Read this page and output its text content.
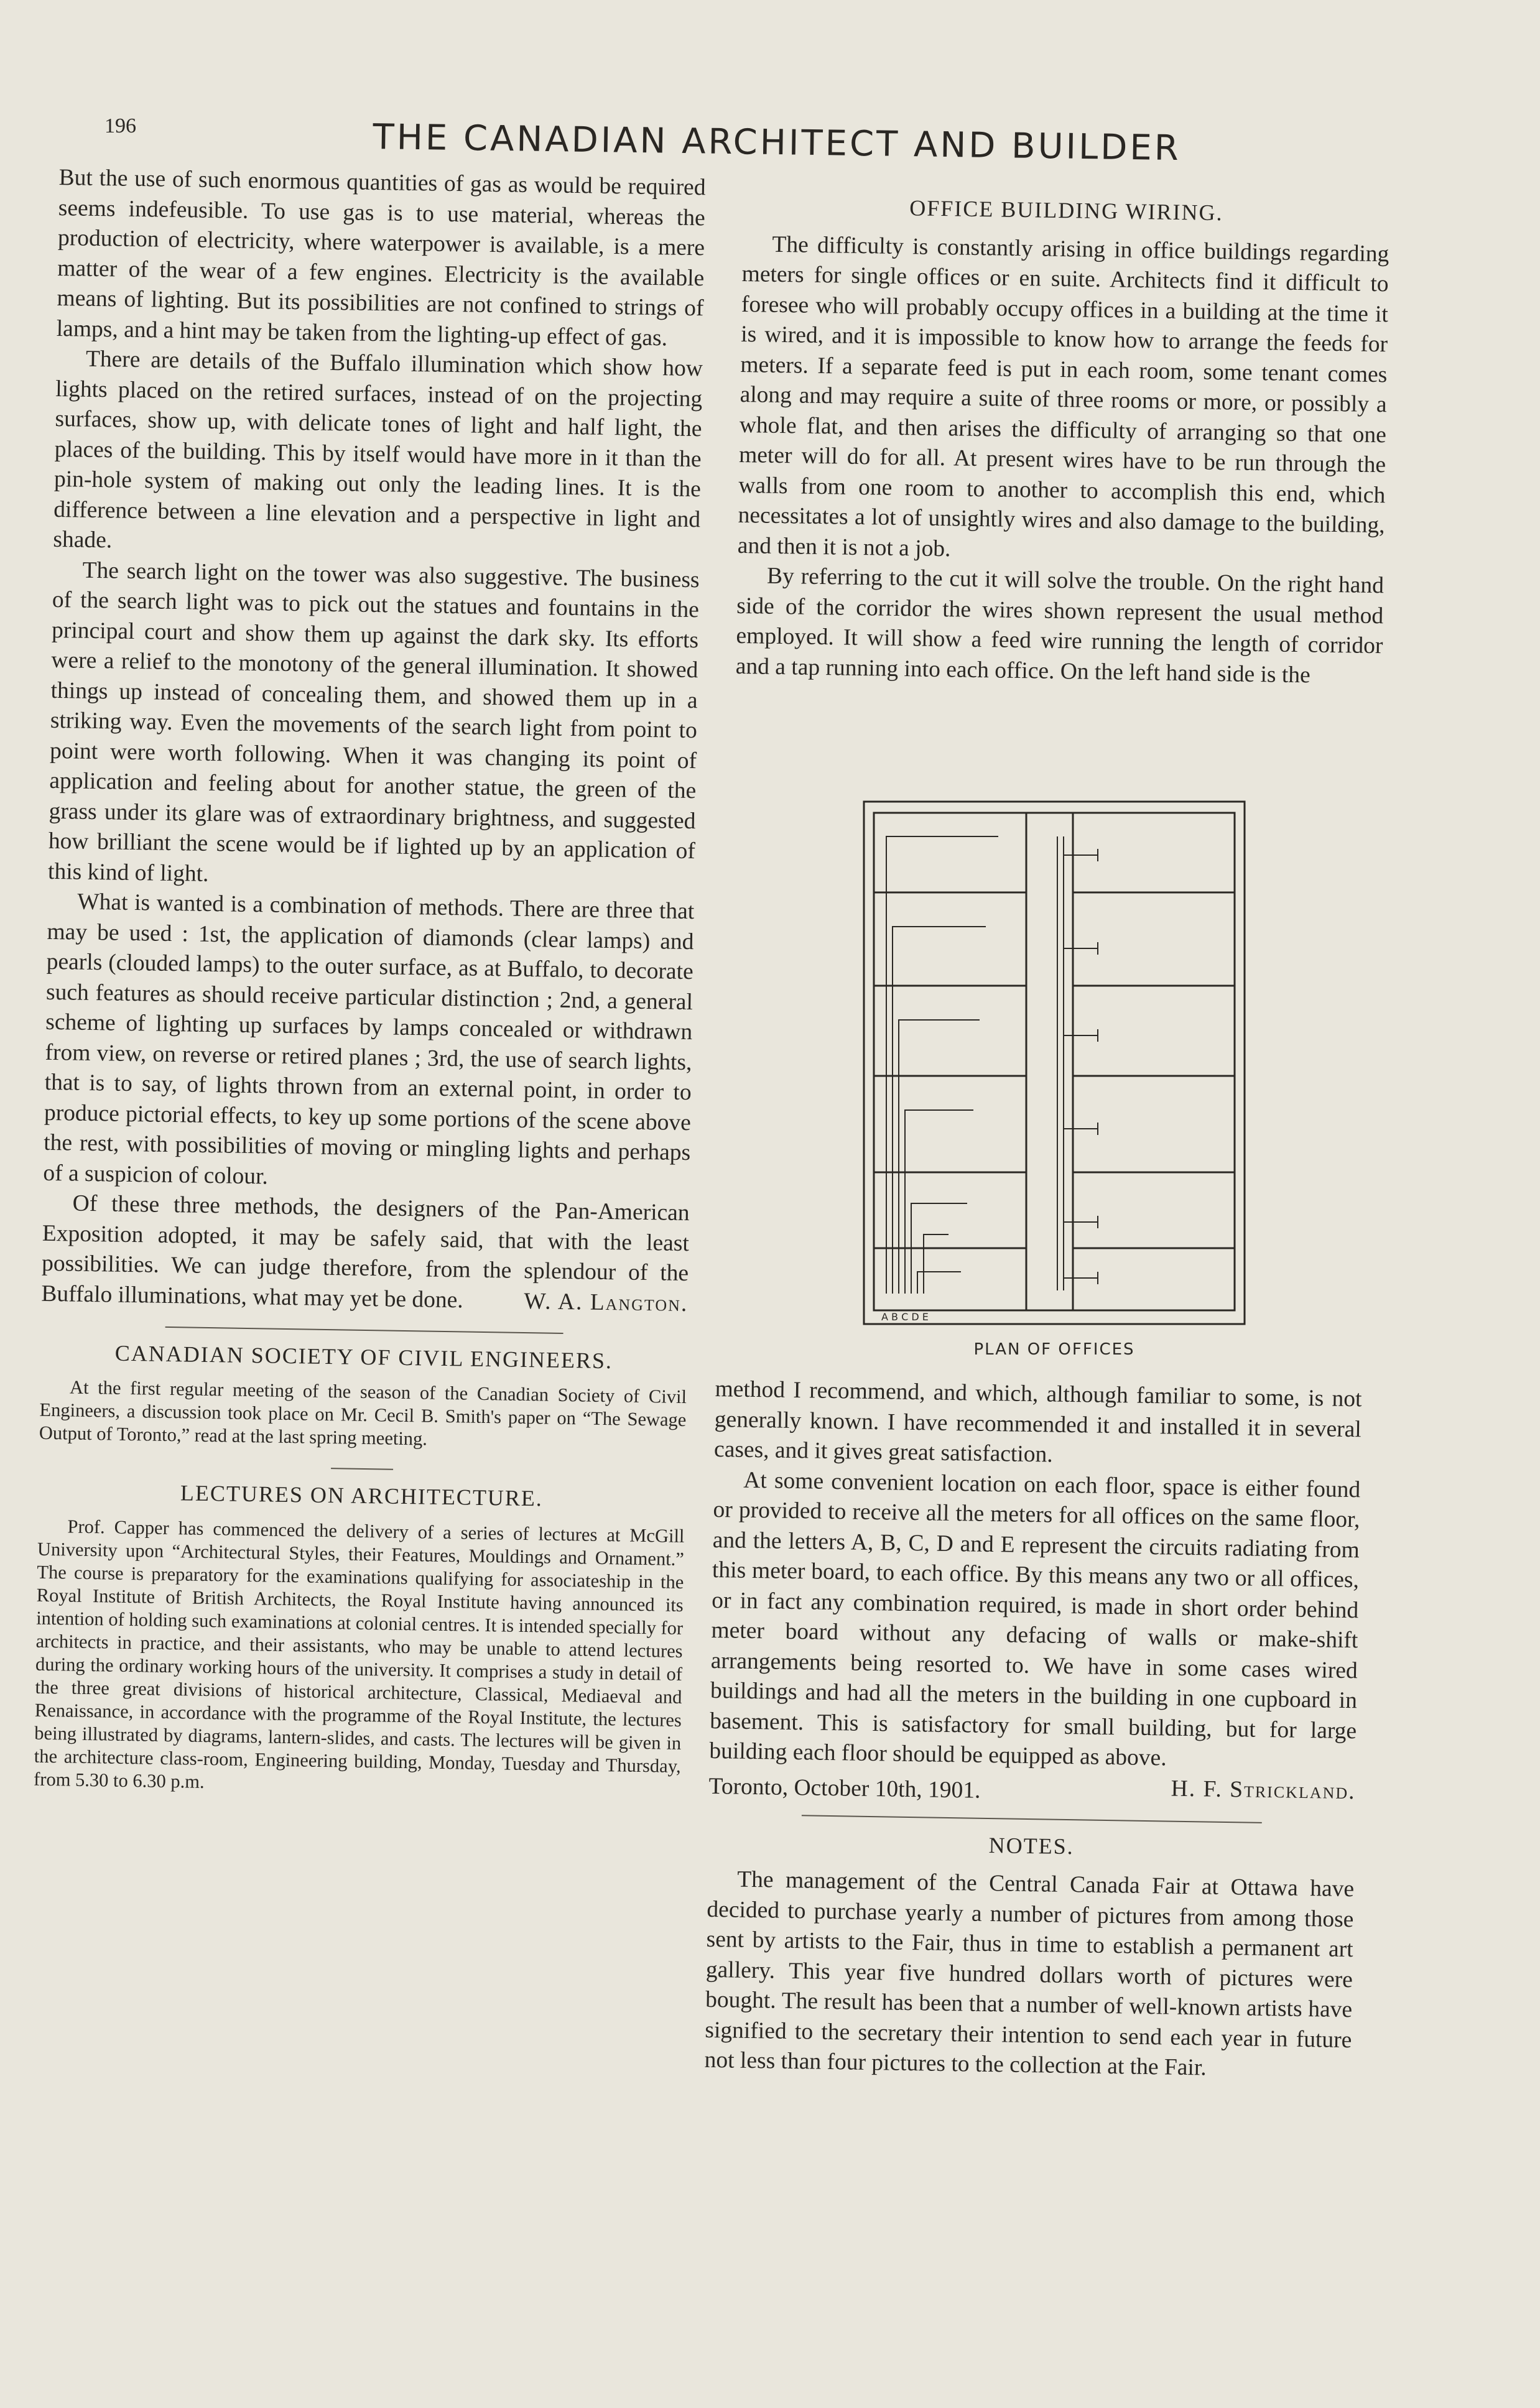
196	THE CANADIAN ARCHITECT AND BUILDER

But the use of such enormous quantities of gas as would be required seems indefeusible. To use gas is to use material, whereas the production of electricity, where waterpower is available, is a mere matter of the wear of a few engines. Electricity is the available means of lighting. But its possibilities are not confined to strings of lamps, and a hint may be taken from the lighting-up effect of gas.

There are details of the Buffalo illumination which show how lights placed on the retired surfaces, instead of on the projecting surfaces, show up, with delicate tones of light and half light, the places of the building. This by itself would have more in it than the pin-hole system of making out only the leading lines. It is the difference between a line elevation and a perspective in light and shade.

The search light on the tower was also suggestive. The business of the search light was to pick out the statues and fountains in the principal court and show them up against the dark sky. Its efforts were a relief to the monotony of the general illumination. It showed things up instead of concealing them, and showed them up in a striking way. Even the movements of the search light from point to point were worth following. When it was changing its point of application and feeling about for another statue, the green of the grass under its glare was of extraordinary brightness, and suggested how brilliant the scene would be if lighted up by an application of this kind of light.

What is wanted is a combination of methods. There are three that may be used : 1st, the application of diamonds (clear lamps) and pearls (clouded lamps) to the outer surface, as at Buffalo, to decorate such features as should receive particular distinction ; 2nd, a general scheme of lighting up surfaces by lamps concealed or withdrawn from view, on reverse or retired planes ; 3rd, the use of search lights, that is to say, of lights thrown from an external point, in order to produce pictorial effects, to key up some portions of the scene above the rest, with possibilities of moving or mingling lights and perhaps of a suspicion of colour.

Of these three methods, the designers of the Pan-American Exposition adopted, it may be safely said, that with the least possibilities. We can judge therefore, from the splendour of the Buffalo illuminations, what may yet be done.	W. A. Langton.

CANADIAN SOCIETY OF CIVIL ENGINEERS.

At the first regular meeting of the season of the Canadian Society of Civil Engineers, a discussion took place on Mr. Cecil B. Smith's paper on “The Sewage Output of Toronto,” read at the last spring meeting.

LECTURES ON ARCHITECTURE.

Prof. Capper has commenced the delivery of a series of lectures at McGill University upon “Architectural Styles, their Features, Mouldings and Ornament.” The course is preparatory for the examinations qualifying for associateship in the Royal Institute of British Architects, the Royal Institute having announced its intention of holding such examinations at colonial centres. It is intended specially for architects in practice, and their assistants, who may be unable to attend lectures during the ordinary working hours of the university. It comprises a study in detail of the three great divisions of historical architecture, Classical, Mediaeval and Renaissance, in accordance with the programme of the Royal Institute, the lectures being illustrated by diagrams, lantern-slides, and casts. The lectures will be given in the architecture class-room, Engineering building, Monday, Tuesday and Thursday, from 5.30 to 6.30 p.m.

OFFICE BUILDING WIRING.

The difficulty is constantly arising in office buildings regarding meters for single offices or en suite. Architects find it difficult to foresee who will probably occupy offices in a building at the time it is wired, and it is impossible to know how to arrange the feeds for meters. If a separate feed is put in each room, some tenant comes along and may require a suite of three rooms or more, or possibly a whole flat, and then arises the difficulty of arranging so that one meter will do for all. At present wires have to be run through the walls from one room to another to accomplish this end, which necessitates a lot of unsightly wires and also damage to the building, and then it is not a job.

By referring to the cut it will solve the trouble. On the right hand side of the corridor the wires shown represent the usual method employed. It will show a feed wire running the length of corridor and a tap running into each office. On the left hand side is the

A B C D E
PLAN OF OFFICES

method I recommend, and which, although familiar to some, is not generally known. I have recommended it and installed it in several cases, and it gives great satisfaction.

At some convenient location on each floor, space is either found or provided to receive all the meters for all offices on the same floor, and the letters A, B, C, D and E represent the circuits radiating from this meter board, to each office. By this means any two or all offices, or in fact any combination required, is made in short order behind meter board without any defacing of walls or make-shift arrangements being resorted to. We have in some cases wired buildings and had all the meters in the building in one cupboard in basement. This is satisfactory for small building, but for large building each floor should be equipped as above.

H. F. Strickland.

Toronto, October 10th, 1901.

NOTES.

The management of the Central Canada Fair at Ottawa have decided to purchase yearly a number of pictures from among those sent by artists to the Fair, thus in time to establish a permanent art gallery. This year five hundred dollars worth of pictures were bought. The result has been that a number of well-known artists have signified to the secretary their intention to send each year in future not less than four pictures to the collection at the Fair.
